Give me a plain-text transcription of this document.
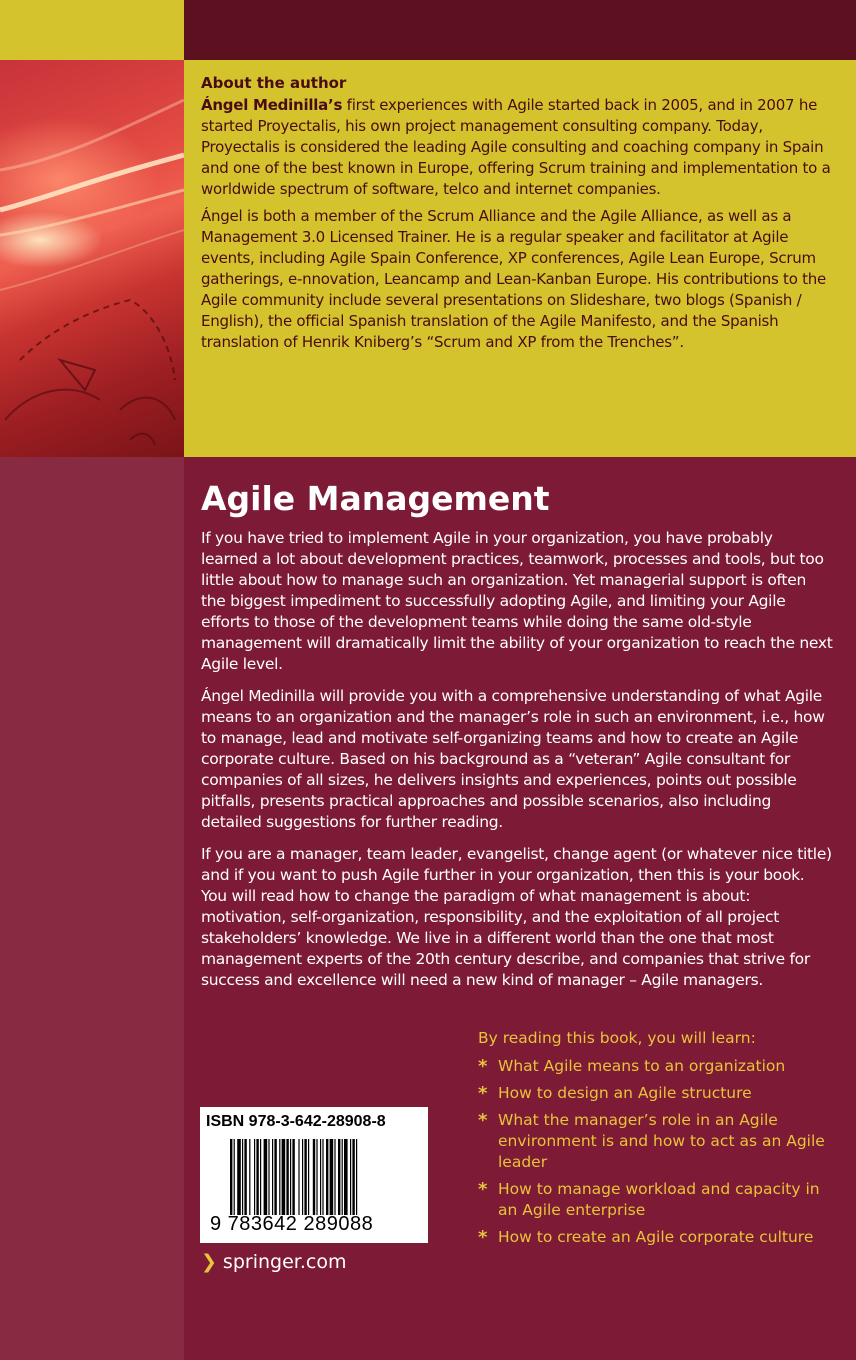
About the author

Ángel Medinilla’s first experiences with Agile started back in 2005, and in 2007 he started Proyectalis, his own project management consulting company. Today, Proyectalis is considered the leading Agile consulting and coaching company in Spain and one of the best known in Europe, offering Scrum training and implementation to a worldwide spectrum of software, telco and internet companies.

Ángel is both a member of the Scrum Alliance and the Agile Alliance, as well as a Management 3.0 Licensed Trainer. He is a regular speaker and facilitator at Agile events, including Agile Spain Conference, XP conferences, Agile Lean Europe, Scrum gatherings, e-nnovation, Leancamp and Lean-Kanban Europe. His contributions to the Agile community include several presentations on Slideshare, two blogs (Spanish / English), the official Spanish translation of the Agile Manifesto, and the Spanish translation of Henrik Kniberg’s “Scrum and XP from the Trenches”.

Agile Management

If you have tried to implement Agile in your organization, you have probably learned a lot about development practices, teamwork, processes and tools, but too little about how to manage such an organization. Yet managerial support is often the biggest impediment to successfully adopting Agile, and limiting your Agile efforts to those of the development teams while doing the same old-style management will dramatically limit the ability of your organization to reach the next Agile level.

Ángel Medinilla will provide you with a comprehensive understanding of what Agile means to an organization and the manager’s role in such an environment, i.e., how to manage, lead and motivate self-organizing teams and how to create an Agile corporate culture. Based on his background as a “veteran” Agile consultant for companies of all sizes, he delivers insights and experiences, points out possible pitfalls, presents practical approaches and possible scenarios, also including detailed suggestions for further reading.

If you are a manager, team leader, evangelist, change agent (or whatever nice title) and if you want to push Agile further in your organization, then this is your book. You will read how to change the paradigm of what management is about: motivation, self-organization, responsibility, and the exploitation of all project stakeholders’ knowledge. We live in a different world than the one that most management experts of the 20th century describe, and companies that strive for success and excellence will need a new kind of manager – Agile managers.

By reading this book, you will learn:
* What Agile means to an organization
* How to design an Agile structure
* What the manager’s role in an Agile environment is and how to act as an Agile leader
* How to manage workload and capacity in an Agile enterprise
* How to create an Agile corporate culture
ISBN 978-3-642-28908-8
9 783642 289088
❯ springer.com
